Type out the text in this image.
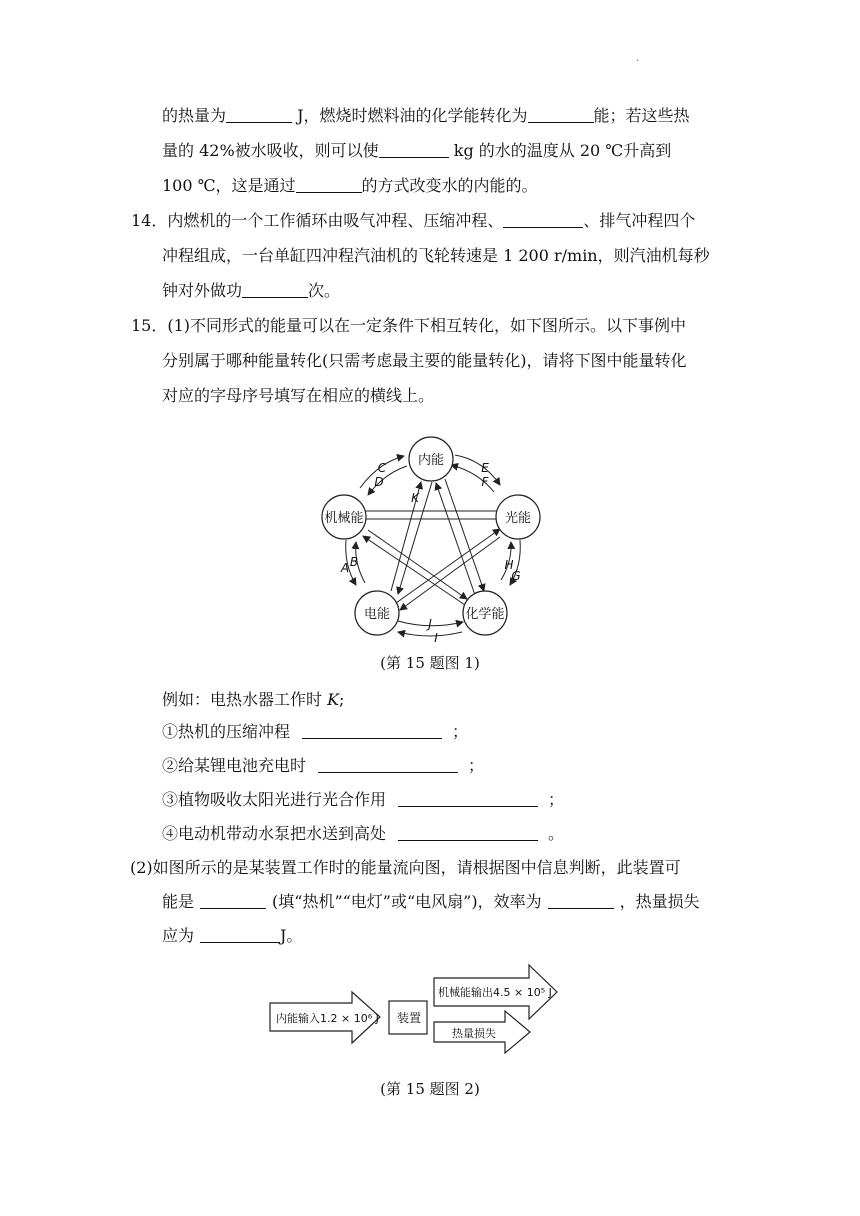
·
的热量为	J，燃烧时燃料油的化学能转化为	能；若这些热
量的 42%被水吸收，则可以使	kg 的水的温度从 20 ℃升高到
100 ℃，这是通过	的方式改变水的内能的。
14．内燃机的一个工作循环由吸气冲程、压缩冲程、	、排气冲程四个
冲程组成，一台单缸四冲程汽油机的飞轮转速是 1 200 r/min，则汽油机每秒
钟对外做功	次。
15．(1)不同形式的能量可以在一定条件下相互转化，如下图所示。以下事例中
分别属于哪种能量转化(只需考虑最主要的能量转化)，请将下图中能量转化
对应的字母序号填写在相应的横线上。
内能
光能
化学能
电能
机械能
C
D
E
F
K
B
A	H
G
J
I
(第 15 题图 1)
例如：电热水器工作时 K;
①热机的压缩冲程	；
②给某锂电池充电时	；
③植物吸收太阳光进行光合作用	；
④电动机带动水泵把水送到高处	。
(2)如图所示的是某装置工作时的能量流向图，请根据图中信息判断，此装置可
能是	(填“热机”“电灯”或“电风扇”)，效率为	，热量损失
应为	J。
内能输入1.2 × 10⁶ J 装置
机械能输出4.5 × 10⁵ J
热量损失
(第 15 题图 2)
